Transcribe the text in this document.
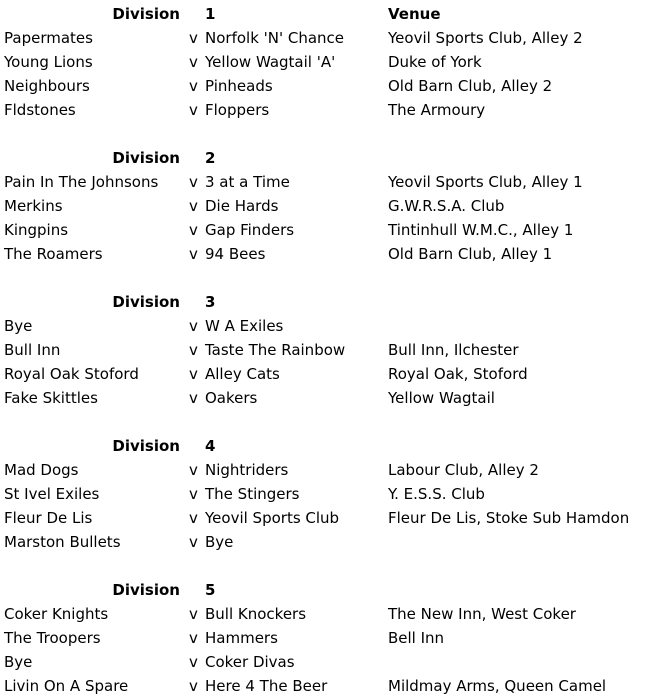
Division 1	Venue
Papermates	v Norfolk 'N' Chance	Yeovil Sports Club, Alley 2
Young Lions	v Yellow Wagtail 'A'	Duke of York
Neighbours	v Pinheads	Old Barn Club, Alley 2
Fldstones	v Floppers	The Armoury
Division 2
Pain In The Johnsons v 3 at a Time	Yeovil Sports Club, Alley 1
Merkins	v Die Hards	G.W.R.S.A. Club
Kingpins	v Gap Finders	Tintinhull W.M.C., Alley 1
The Roamers	v 94 Bees	Old Barn Club, Alley 1
Division 3
Bye	v W A Exiles
Bull Inn	v Taste The Rainbow	Bull Inn, Ilchester
Royal Oak Stoford	v Alley Cats	Royal Oak, Stoford
Fake Skittles	v Oakers	Yellow Wagtail
Division 4
Mad Dogs	v Nightriders	Labour Club, Alley 2
St Ivel Exiles	v The Stingers	Y. E.S.S. Club
Fleur De Lis	v Yeovil Sports Club	Fleur De Lis, Stoke Sub Hamdon
Marston Bullets	v Bye
Division 5
Coker Knights	v Bull Knockers	The New Inn, West Coker
The Troopers	v Hammers	Bell Inn
Bye	v Coker Divas
Livin On A Spare	v Here 4 The Beer	Mildmay Arms, Queen Camel
